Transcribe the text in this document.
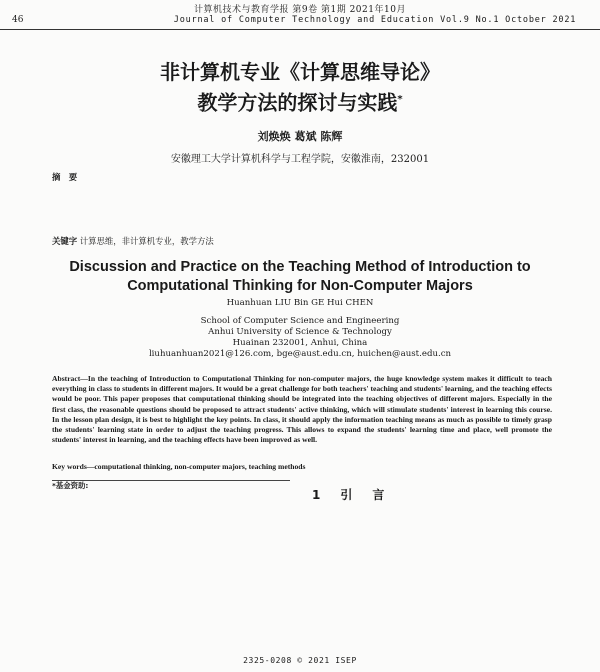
计算机技术与教育学报 第9卷 第1期 2021年10月
46	Journal of Computer Technology and Education Vol.9 No.1 October 2021
非计算机专业《计算思维导论》
教学方法的探讨与实践*
刘焕焕 葛斌 陈辉
安徽理工大学计算机科学与工程学院，安徽淮南，232001
摘　要
关键字 计算思维，非计算机专业，教学方法
Discussion and Practice on the Teaching Method of Introduction to
Computational Thinking for Non-Computer Majors
Huanhuan LIU Bin GE Hui CHEN
School of Computer Science and Engineering
Anhui University of Science & Technology
Huainan 232001, Anhui, China
liuhuanhuan2021@126.com, bge@aust.edu.cn, huichen@aust.edu.cn
Abstract—In the teaching of Introduction to Computational Thinking for non-computer majors, the huge knowledge system makes it difficult to teach everything in class to students in different majors. It would be a great challenge for both teachers' teaching and students' learning, and the teaching effects would be poor. This paper proposes that computational thinking should be integrated into the teaching objectives of different majors. Especially in the first class, the reasonable questions should be proposed to attract students' active thinking, which will stimulate students' interest in learning this course. In the lesson plan design, it is best to highlight the key points. In class, it should apply the information teaching means as much as possible to timely grasp the students' learning state in order to adjust the teaching progress. This allows to expand the students' learning time and place, well promote the students' interest in learning, and the teaching effects have been improved as well.
Key words—computational thinking, non-computer majors, teaching methods

*基金资助:

1　引　言
2325-0208 © 2021 ISEP
